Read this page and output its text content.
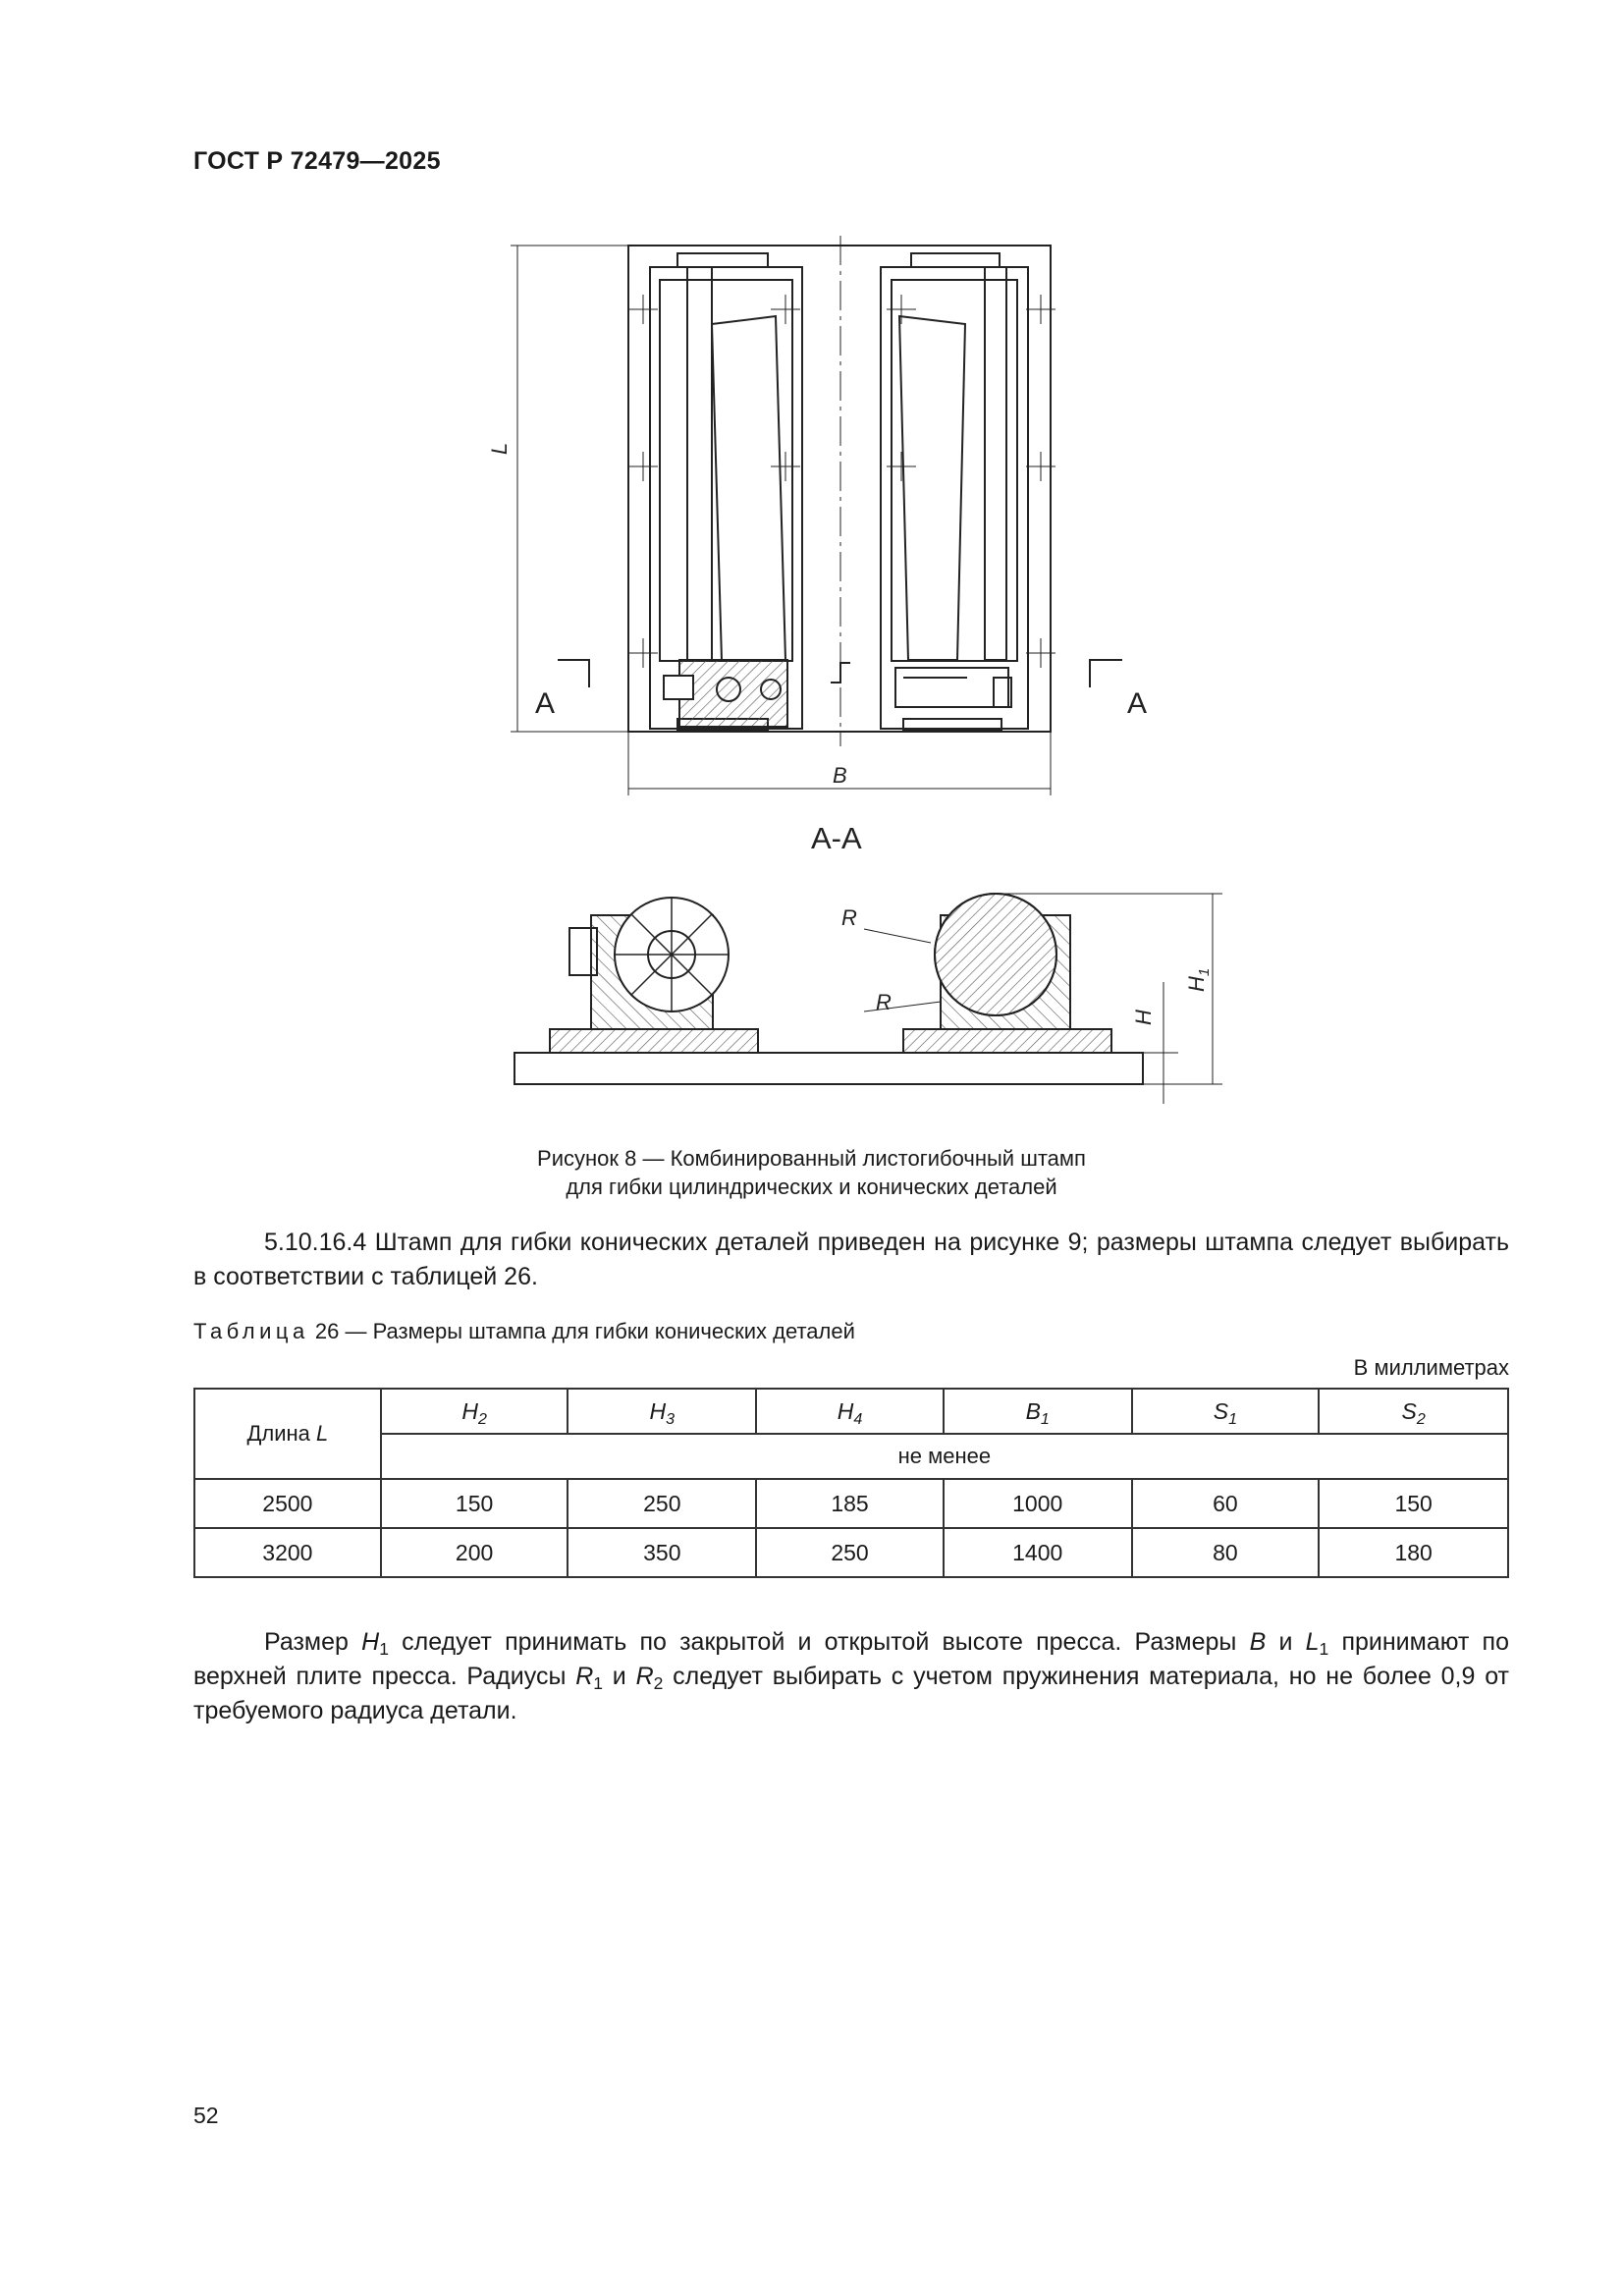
ГОСТ Р 72479—2025
L
B
A	A
А-А
R
R
H
$H_1$
Рисунок 8 — Комбинированный листогибочный штамп
для гибки цилиндрических и конических деталей
5.10.16.4 Штамп для гибки конических деталей приведен на рисунке 9; размеры штампа следует выбирать в соответствии с таблицей 26.
Таблица 26 — Размеры штампа для гибки конических деталей
В миллиметрах
Длина L	$H_2$	$H_3$	$H_4$	$B_1$	$S_1$	$S_2$
	не менее					
2500	150	250	185	1000	60	150
3200	200	350	250	1400	80	180
Размер $H_1$ следует принимать по закрытой и открытой высоте пресса. Размеры B и $L_1$ принимают по верхней плите пресса. Радиусы $R_1$ и $R_2$ следует выбирать с учетом пружинения материала, но не более 0,9 от требуемого радиуса детали.
52
